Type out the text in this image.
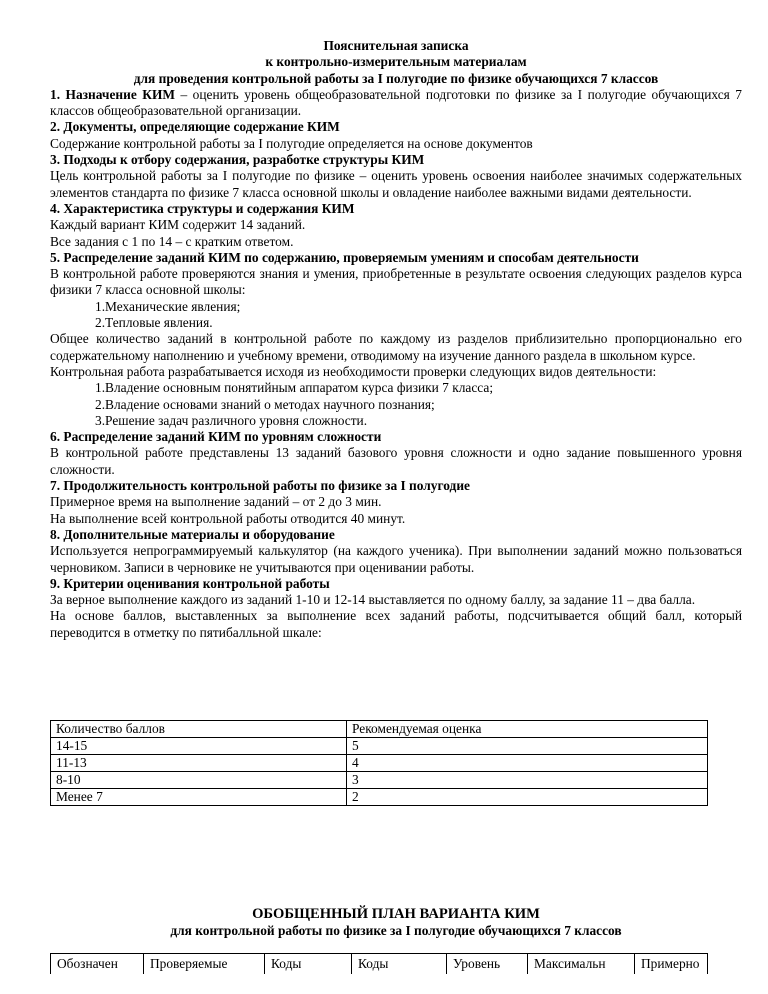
Пояснительная записка
к контрольно-измерительным материалам
для проведения контрольной работы за I полугодие по физике обучающихся 7 классов
1. Назначение КИМ – оценить уровень общеобразовательной подготовки по физике за I полугодие обучающихся 7 классов общеобразовательной организации.
2. Документы, определяющие содержание КИМ
Содержание контрольной работы за I полугодие определяется на основе документов
3. Подходы к отбору содержания, разработке структуры КИМ
Цель контрольной работы за I полугодие по физике – оценить уровень освоения наиболее значимых содержательных элементов стандарта по физике 7 класса основной школы и овладение наиболее важными видами деятельности.
4. Характеристика структуры и содержания КИМ
Каждый вариант КИМ содержит 14 заданий.
Все задания с 1 по 14 – с кратким ответом.
5. Распределение заданий КИМ по содержанию, проверяемым умениям и способам деятельности
В контрольной работе проверяются знания и умения, приобретенные в результате освоения следующих разделов курса физики 7 класса основной школы:
1.Механические явления;
2.Тепловые явления.
Общее количество заданий в контрольной работе по каждому из разделов приблизительно пропорционально его содержательному наполнению и учебному времени, отводимому на изучение данного раздела в школьном курсе.
Контрольная работа разрабатывается исходя из необходимости проверки следующих видов деятельности:
1.Владение основным понятийным аппаратом курса физики 7 класса;
2.Владение основами знаний о методах научного познания;
3.Решение задач различного уровня сложности.
6. Распределение заданий КИМ по уровням сложности
В контрольной работе представлены 13 заданий базового уровня сложности и одно задание повышенного уровня сложности.
7. Продолжительность контрольной работы по физике за I полугодие
Примерное время на выполнение заданий – от 2 до 3 мин.
На выполнение всей контрольной работы отводится 40 минут.
8. Дополнительные материалы и оборудование
Используется непрограммируемый калькулятор (на каждого ученика). При выполнении заданий можно пользоваться черновиком. Записи в черновике не учитываются при оценивании работы.
9. Критерии оценивания контрольной работы
За верное выполнение каждого из заданий 1-10 и 12-14 выставляется по одному баллу, за задание 11 – два балла.
На основе баллов, выставленных за выполнение всех заданий работы, подсчитывается общий балл, который переводится в отметку по пятибалльной шкале:
Количество баллов	Рекомендуемая оценка
14-15	5
11-13	4
8-10	3
Менее 7	2
ОБОБЩЕННЫЙ ПЛАН ВАРИАНТА КИМ
для контрольной работы по физике за I полугодие обучающихся 7 классов
Обозначен	Проверяемые	Коды	Коды	Уровень	Максимальн	Примерно
